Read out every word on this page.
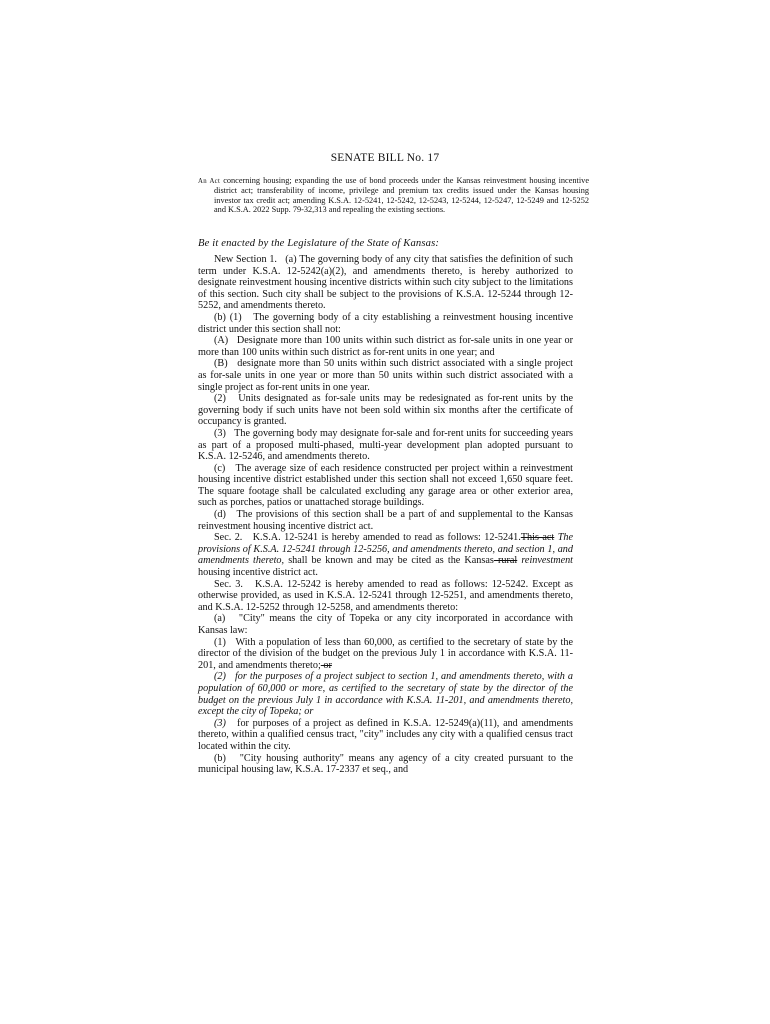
SENATE BILL No. 17
An Act concerning housing; expanding the use of bond proceeds under the Kansas reinvestment housing incentive district act; transferability of income, privilege and premium tax credits issued under the Kansas housing investor tax credit act; amending K.S.A. 12-5241, 12-5242, 12-5243, 12-5244, 12-5247, 12-5249 and 12-5252 and K.S.A. 2022 Supp. 79-32,313 and repealing the existing sections.
Be it enacted by the Legislature of the State of Kansas:

New Section 1.   (a) The governing body of any city that satisfies the definition of such term under K.S.A. 12-5242(a)(2), and amendments thereto, is hereby authorized to designate reinvestment housing incentive districts within such city subject to the limitations of this section. Such city shall be subject to the provisions of K.S.A. 12-5244 through 12-5252, and amendments thereto.

(b) (1)   The governing body of a city establishing a reinvestment housing incentive district under this section shall not:

(A)   Designate more than 100 units within such district as for-sale units in one year or more than 100 units within such district as for-rent units in one year; and

(B)   designate more than 50 units within such district associated with a single project as for-sale units in one year or more than 50 units within such district associated with a single project as for-rent units in one year.

(2)   Units designated as for-sale units may be redesignated as for-rent units by the governing body if such units have not been sold within six months after the certificate of occupancy is granted.

(3)   The governing body may designate for-sale and for-rent units for succeeding years as part of a proposed multi-phased, multi-year development plan adopted pursuant to K.S.A. 12-5246, and amendments thereto.

(c)   The average size of each residence constructed per project within a reinvestment housing incentive district established under this section shall not exceed 1,650 square feet. The square footage shall be calculated excluding any garage area or other exterior area, such as porches, patios or unattached storage buildings.

(d)   The provisions of this section shall be a part of and supplemental to the Kansas reinvestment housing incentive district act.

Sec. 2.   K.S.A. 12-5241 is hereby amended to read as follows: 12-5241.This act The provisions of K.S.A. 12-5241 through 12-5256, and amendments thereto, and section 1, and amendments thereto, shall be known and may be cited as the Kansas rural reinvestment housing incentive district act.

Sec. 3.   K.S.A. 12-5242 is hereby amended to read as follows: 12-5242. Except as otherwise provided, as used in K.S.A. 12-5241 through 12-5251, and amendments thereto, and K.S.A. 12-5252 through 12-5258, and amendments thereto:

(a)   "City" means the city of Topeka or any city incorporated in accordance with Kansas law:

(1)   With a population of less than 60,000, as certified to the secretary of state by the director of the division of the budget on the previous July 1 in accordance with K.S.A. 11-201, and amendments thereto; or

(2)   for the purposes of a project subject to section 1, and amendments thereto, with a population of 60,000 or more, as certified to the secretary of state by the director of the budget on the previous July 1 in accordance with K.S.A. 11-201, and amendments thereto, except the city of Topeka; or

(3)   for purposes of a project as defined in K.S.A. 12-5249(a)(11), and amendments thereto, within a qualified census tract, "city" includes any city with a qualified census tract located within the city.

(b)   "City housing authority" means any agency of a city created pursuant to the municipal housing law, K.S.A. 17-2337 et seq., and
